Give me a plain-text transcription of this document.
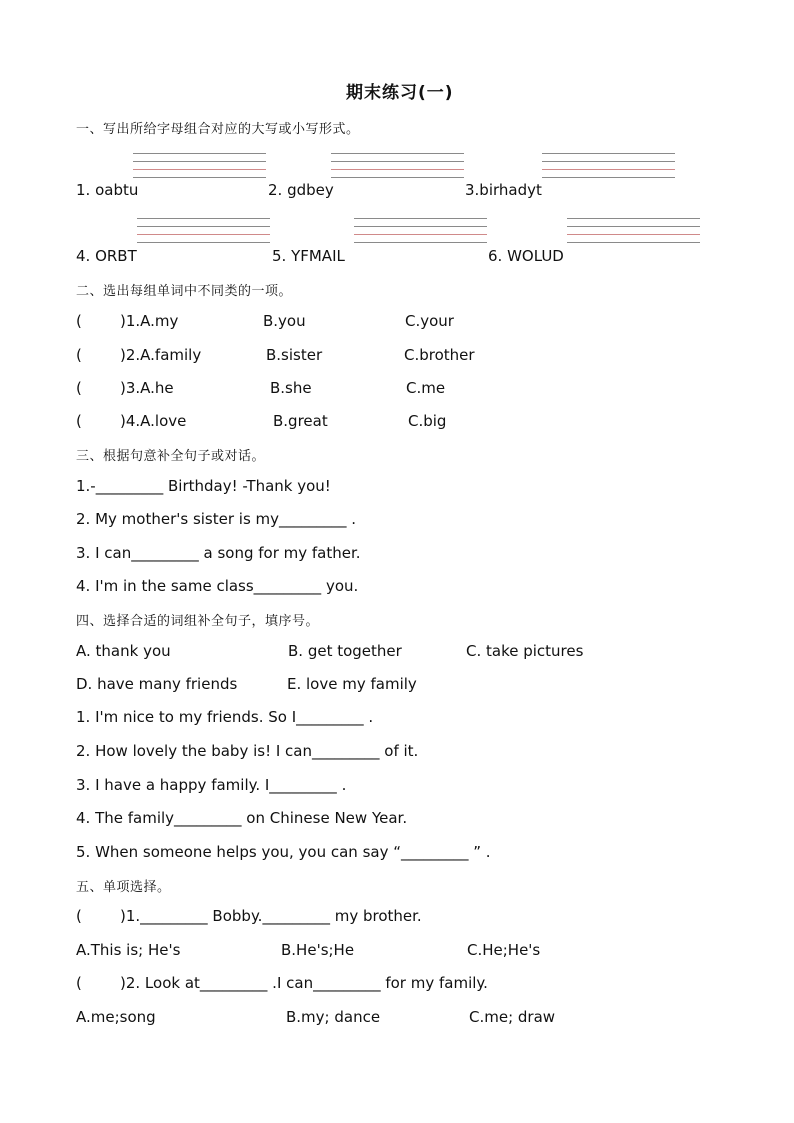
期末练习(一)
一、写出所给字母组合对应的大写或小写形式。
1. oabtu	2. gdbey	3.birhadyt
4. ORBT	5. YFMAIL	6. WOLUD
二、选出每组单词中不同类的一项。
(	)1.A.my	B.you	C.your
(	)2.A.family	B.sister	C.brother
(	)3.A.he	B.she	C.me
(	)4.A.love	B.great	C.big
三、根据句意补全句子或对话。
1.-_________ Birthday! -Thank you!
2. My mother's sister is my_________ .
3. I can_________ a song for my father.
4. I'm in the same class_________ you.
四、选择合适的词组补全句子，填序号。
A. thank you	B. get together	C. take pictures
D. have many friends	E. love my family
1. I'm nice to my friends. So I_________ .
2. How lovely the baby is! I can_________ of it.
3. I have a happy family. I_________ .
4. The family_________ on Chinese New Year.
5. When someone helps you, you can say “_________ ” .
五、单项选择。
(	)1._________ Bobby._________ my brother.
A.This is; He's	B.He's;He	C.He;He's
(	)2. Look at_________ .I can_________ for my family.
A.me;song	B.my; dance	C.me; draw
